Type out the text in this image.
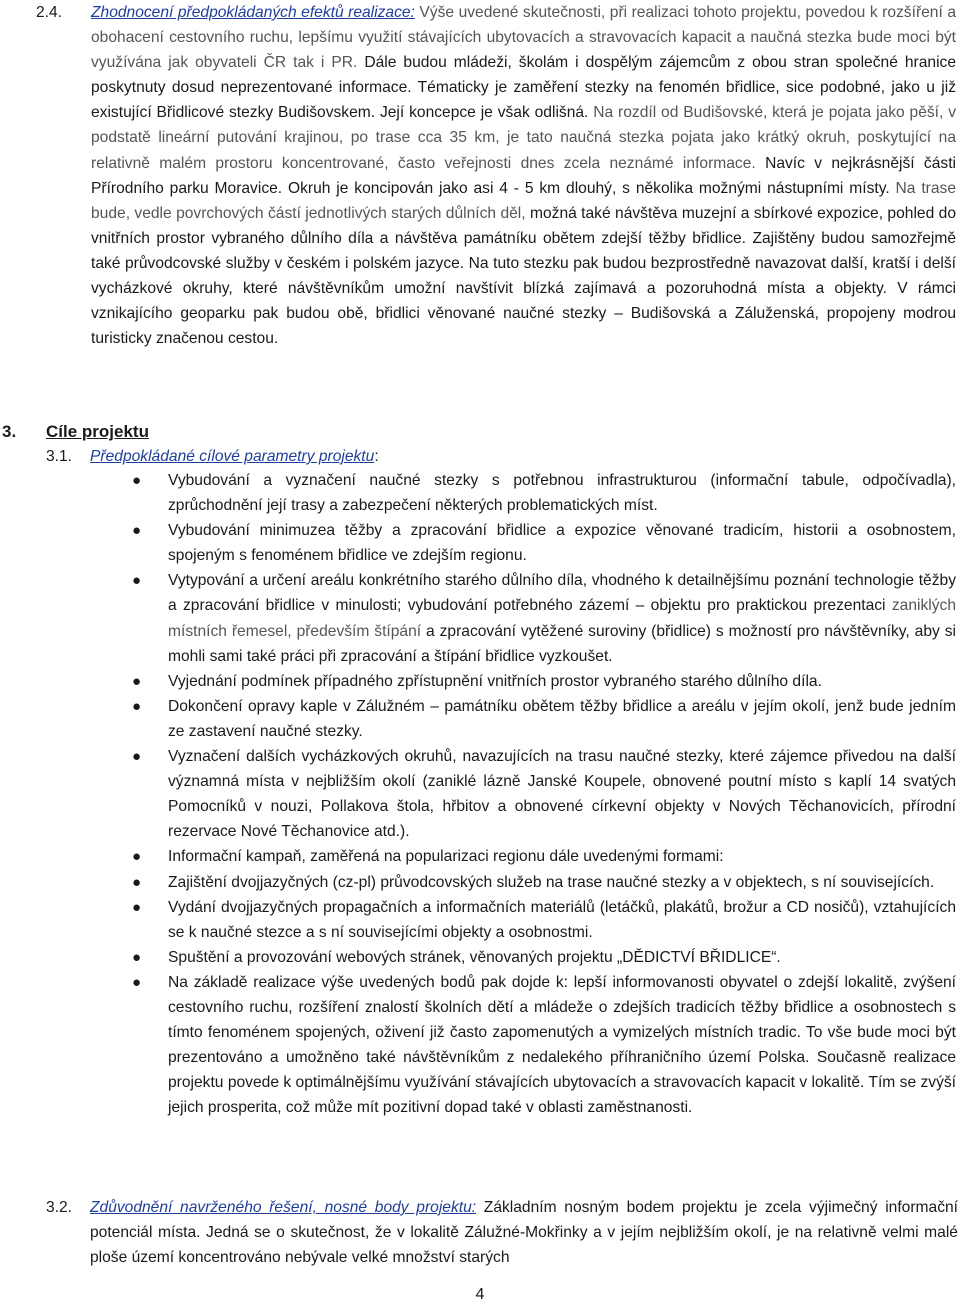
2.4. Zhodnocení předpokládaných efektů realizace: Výše uvedené skutečnosti, při realizaci tohoto projektu, povedou k rozšíření a obohacení cestovního ruchu, lepšímu využití stávajících ubytovacích a stravovacích kapacit a naučná stezka bude moci být využívána jak obyvateli ČR tak i PR. Dále budou mládeži, školám i dospělým zájemcům z obou stran společné hranice poskytnuty dosud neprezentované informace. Tématicky je zaměření stezky na fenomén břidlice, sice podobné, jako u již existující Břidlicové stezky Budišovskem. Její koncepce je však odlišná. Na rozdíl od Budišovské, která je pojata jako pěší, v podstatě lineární putování krajinou, po trase cca 35 km, je tato naučná stezka pojata jako krátký okruh, poskytující na relativně malém prostoru koncentrované, často veřejnosti dnes zcela neznámé informace. Navíc v nejkrásnější části Přírodního parku Moravice. Okruh je koncipován jako asi 4 - 5 km dlouhý, s několika možnými nástupními místy. Na trase bude, vedle povrchových částí jednotlivých starých důlních děl, možná také návštěva muzejní a sbírkové expozice, pohled do vnitřních prostor vybraného důlního díla a návštěva památníku obětem zdejší těžby břidlice. Zajištěny budou samozřejmě také průvodcovské služby v českém i polském jazyce. Na tuto stezku pak budou bezprostředně navazovat další, kratší i delší vycházkové okruhy, které návštěvníkům umožní navštívit blízká zajímavá a pozoruhodná místa a objekty. V rámci vznikajícího geoparku pak budou obě, břidlici věnované naučné stezky – Budišovská a Záluženská, propojeny modrou turisticky značenou cestou.

3. Cíle projektu

3.1. Předpokládané cílové parametry projektu:
● Vybudování a vyznačení naučné stezky s potřebnou infrastrukturou (informační tabule, odpočívadla), zprůchodnění její trasy a zabezpečení některých problematických míst.
● Vybudování minimuzea těžby a zpracování břidlice a expozice věnované tradicím, historii a osobnostem, spojeným s fenoménem břidlice ve zdejším regionu.
● Vytypování a určení areálu konkrétního starého důlního díla, vhodného k detailnějšímu poznání technologie těžby a zpracování břidlice v minulosti; vybudování potřebného zázemí – objektu pro praktickou prezentaci zaniklých místních řemesel, především štípání a zpracování vytěžené suroviny (břidlice) s možností pro návštěvníky, aby si mohli sami také práci při zpracování a štípání břidlice vyzkoušet.
● Vyjednání podmínek případného zpřístupnění vnitřních prostor vybraného starého důlního díla.
● Dokončení opravy kaple v Zálužném – památníku obětem těžby břidlice a areálu v jejím okolí, jenž bude jedním ze zastavení naučné stezky.
● Vyznačení dalších vycházkových okruhů, navazujících na trasu naučné stezky, které zájemce přivedou na další významná místa v nejbližším okolí (zaniklé lázně Janské Koupele, obnovené poutní místo s kaplí 14 svatých Pomocníků v nouzi, Pollakova štola, hřbitov a obnovené církevní objekty v Nových Těchanovicích, přírodní rezervace Nové Těchanovice atd.).
● Informační kampaň, zaměřená na popularizaci regionu dále uvedenými formami:
● Zajištění dvojjazyčných (cz-pl) průvodcovských služeb na trase naučné stezky a v objektech, s ní souvisejících.
● Vydání dvojjazyčných propagačních a informačních materiálů (letáčků, plakátů, brožur a CD nosičů), vztahujících se k naučné stezce a s ní souvisejícími objekty a osobnostmi.
● Spuštění a provozování webových stránek, věnovaných projektu „DĚDICTVÍ BŘIDLICE“.
● Na základě realizace výše uvedených bodů pak dojde k: lepší informovanosti obyvatel o zdejší lokalitě, zvýšení cestovního ruchu, rozšíření znalostí školních dětí a mládeže o zdejších tradicích těžby břidlice a osobnostech s tímto fenoménem spojených, oživení již často zapomenutých a vymizelých místních tradic. To vše bude moci být prezentováno a umožněno také návštěvníkům z nedalekého příhraničního území Polska. Současně realizace projektu povede k optimálnějšímu využívání stávajících ubytovacích a stravovacích kapacit v lokalitě. Tím se zvýší jejich prosperita, což může mít pozitivní dopad také v oblasti zaměstnanosti.
3.2. Zdůvodnění navrženého řešení, nosné body projektu: Základním nosným bodem projektu je zcela výjimečný informační potenciál místa. Jedná se o skutečnost, že v lokalitě Zálužné-Mokřinky a v jejím nejbližším okolí, je na relativně velmi malé ploše území koncentrováno nebývale velké množství starých
4
